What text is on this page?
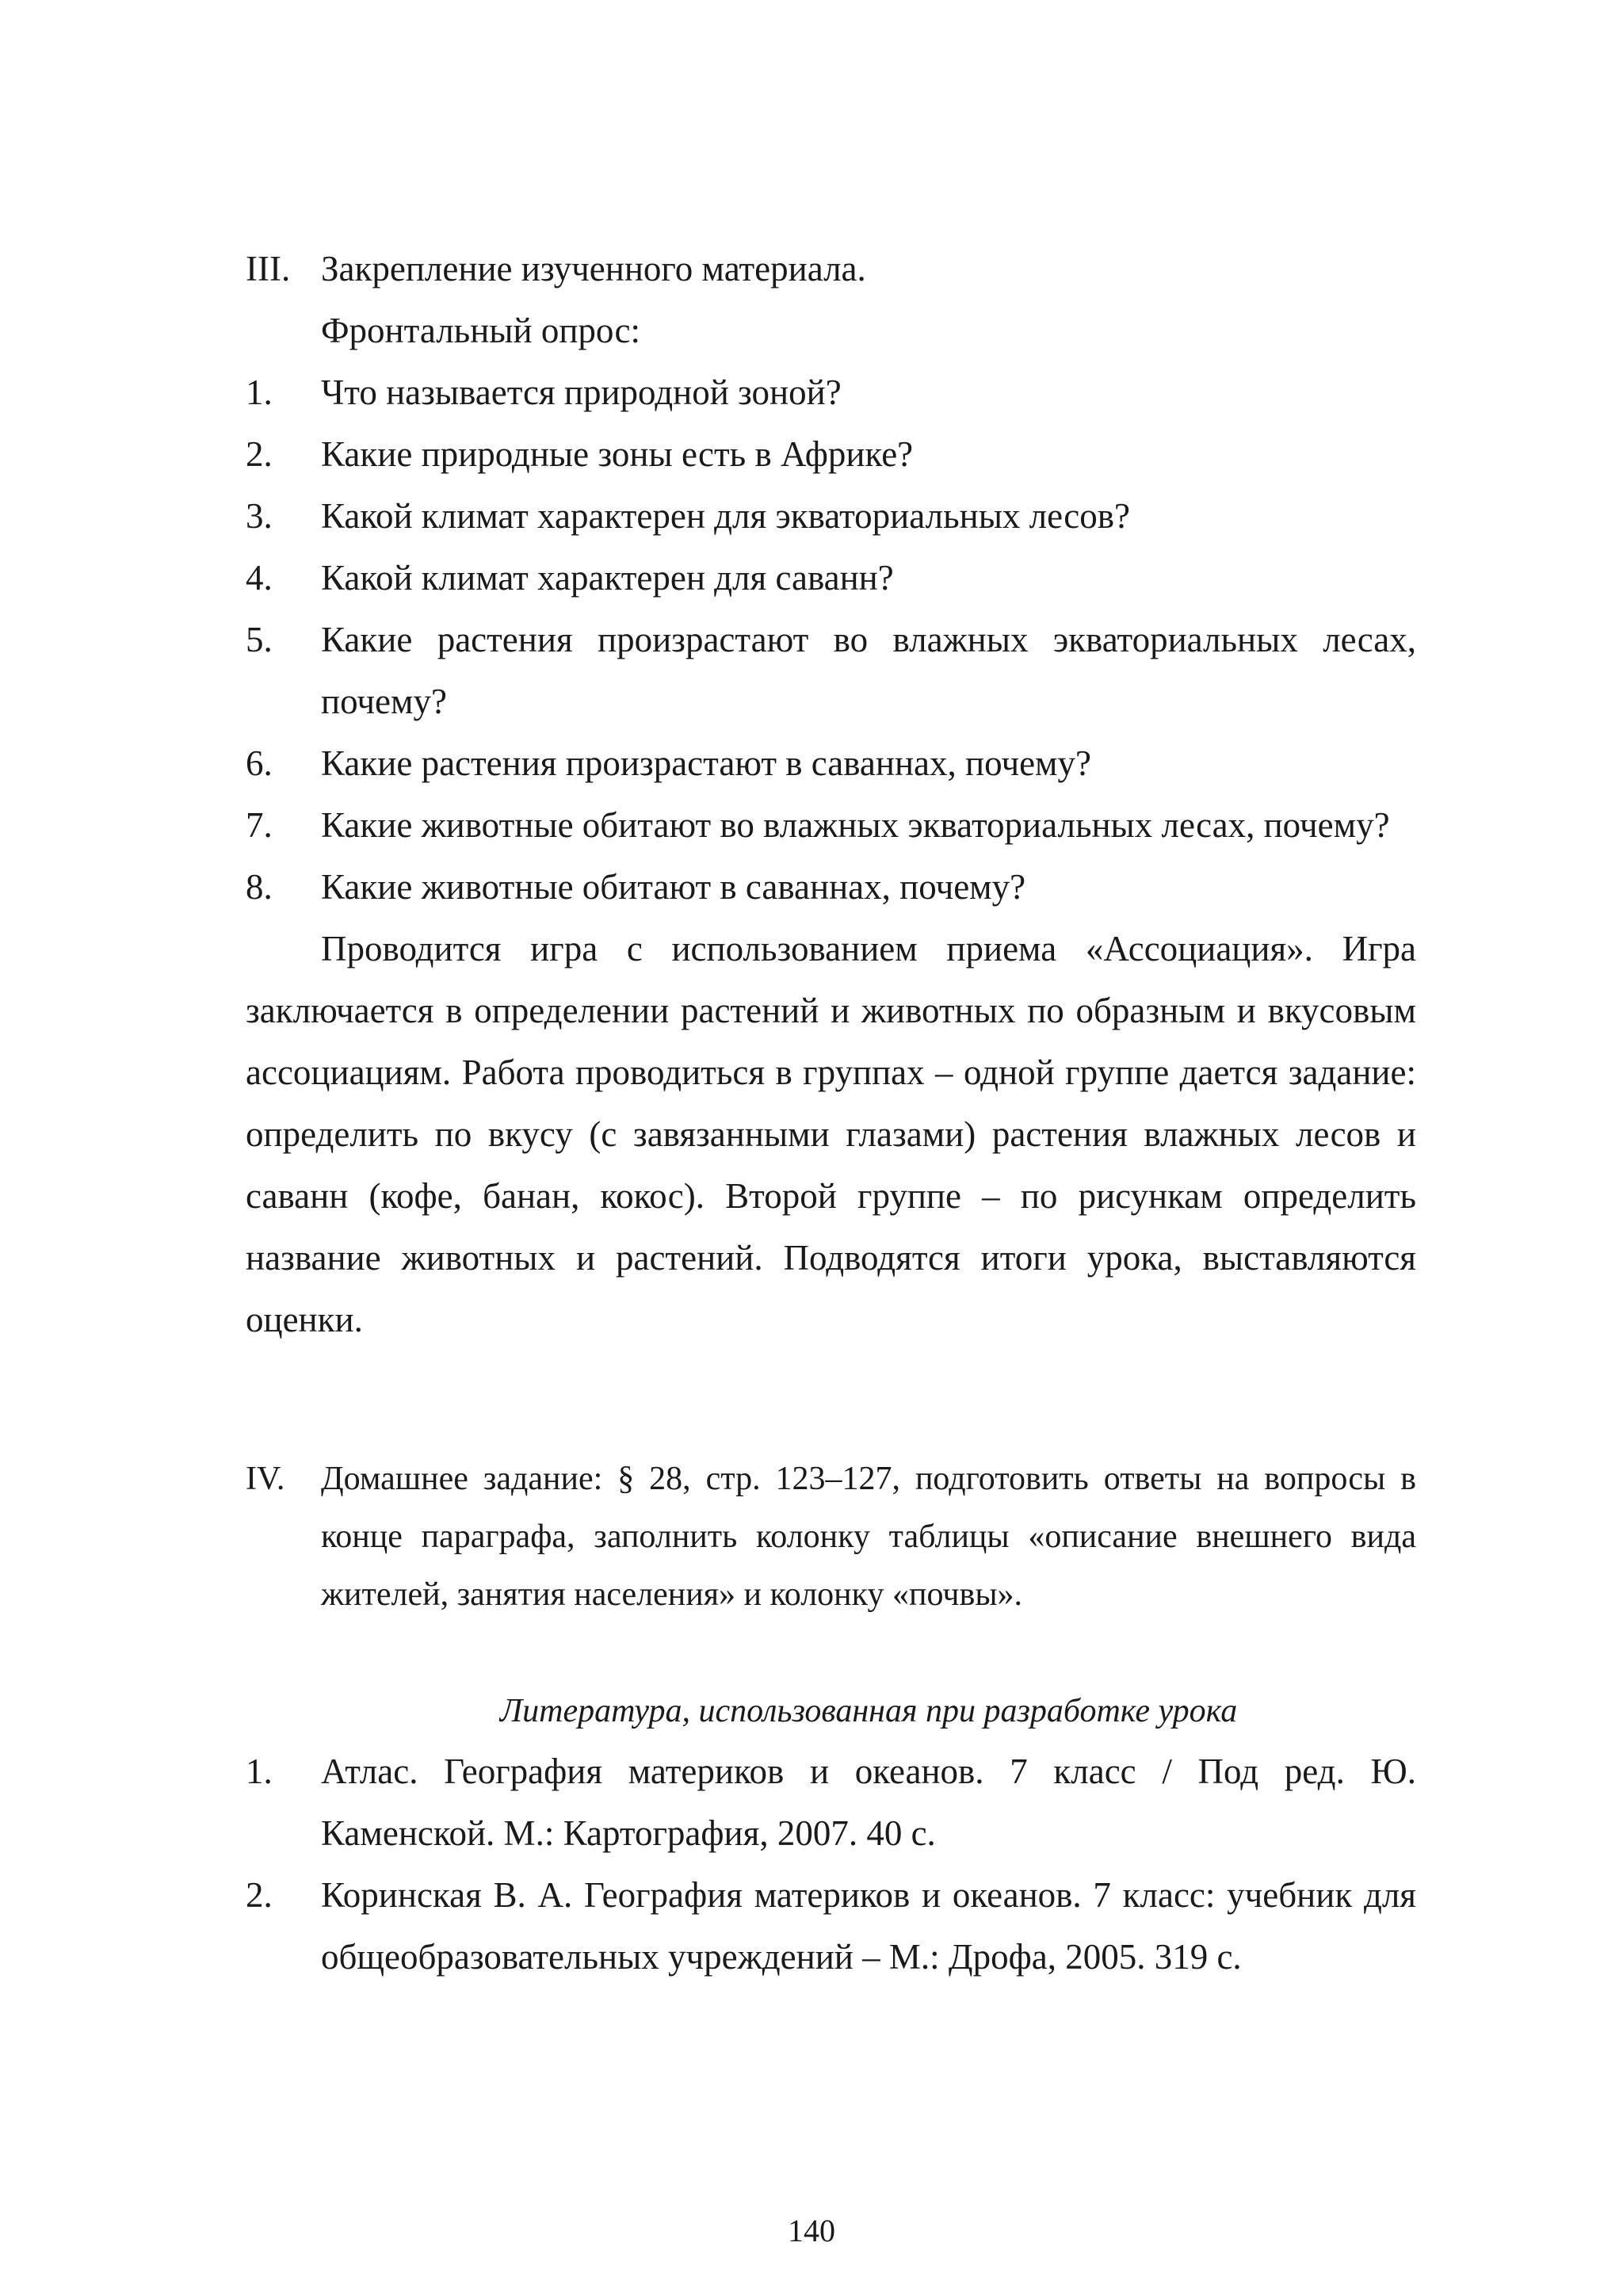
III. Закрепление изученного материала.
Фронтальный опрос:
1.	Что называется природной зоной?
2.	Какие природные зоны есть в Африке?
3.	Какой климат характерен для экваториальных лесов?
4.	Какой климат характерен для саванн?
5.	Какие растения произрастают во влажных экваториальных лесах, почему?
6.	Какие растения произрастают в саваннах, почему?
7.	Какие животные обитают во влажных экваториальных лесах, почему?
8.	Какие животные обитают в саваннах, почему?

Проводится игра с использованием приема «Ассоциация». Игра заключается в определении растений и животных по образным и вкусовым ассоциациям. Работа проводиться в группах – одной группе дается задание: определить по вкусу (с завязанными глазами) растения влажных лесов и саванн (кофе, банан, кокос). Второй группе – по рисункам определить название животных и растений. Подводятся итоги урока, выставляются оценки.

IV.	Домашнее задание: § 28, стр. 123–127, подготовить ответы на вопросы в конце параграфа, заполнить колонку таблицы «описание внешнего вида жителей, занятия населения» и колонку «почвы».
Литература, использованная при разработке урока
1.	Атлас. География материков и океанов. 7 класс / Под ред. Ю. Каменской. М.: Картография, 2007. 40 с.
2.	Коринская В. А. География материков и океанов. 7 класс: учебник для общеобразовательных учреждений – М.: Дрофа, 2005. 319 с.
140
